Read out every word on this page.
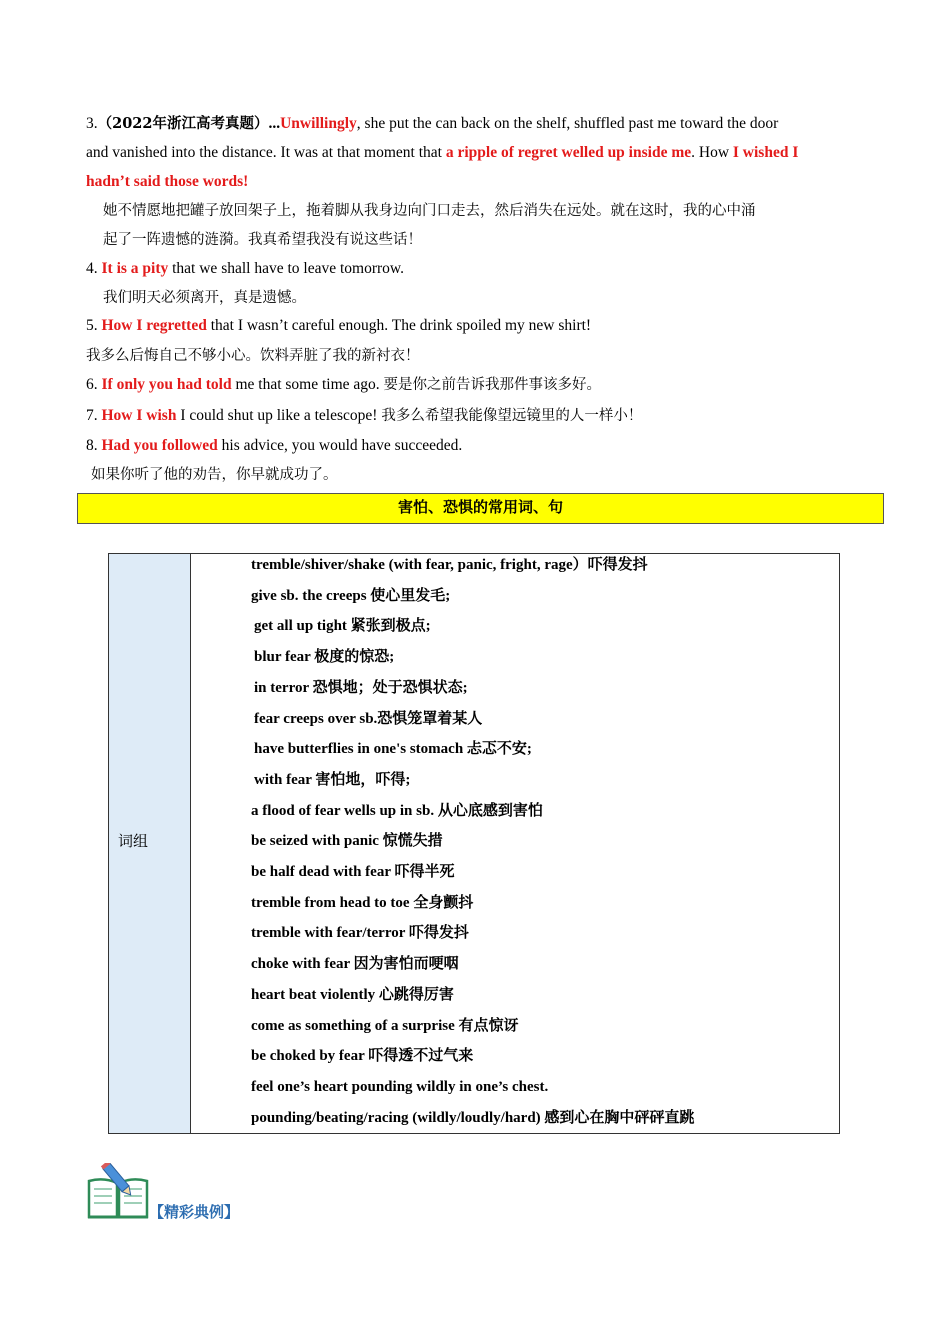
3.（2022年浙江高考真题）...Unwillingly, she put the can back on the shelf, shuffled past me toward the door
and vanished into the distance. It was at that moment that a ripple of regret welled up inside me. How I wished I
hadn’t said those words!
她不情愿地把罐子放回架子上，拖着脚从我身边向门口走去，然后消失在远处。就在这时，我的心中涌
起了一阵遗憾的涟漪。我真希望我没有说这些话！
4. It is a pity that we shall have to leave tomorrow.
我们明天必须离开，真是遗憾。
5. How I regretted that I wasn’t careful enough. The drink spoiled my new shirt!
我多么后悔自己不够小心。饮料弄脏了我的新衬衣！
6. If only you had told me that some time ago. 要是你之前告诉我那件事该多好。
7. How I wish I could shut up like a telescope! 我多么希望我能像望远镜里的人一样小！
8. Had you followed his advice, you would have succeeded.
如果你听了他的劝告，你早就成功了。
害怕、恐惧的常用词、句
词组
tremble/shiver/shake (with fear, panic, fright, rage）吓得发抖
give sb. the creeps 使心里发毛;
get all up tight 紧张到极点;
blur fear 极度的惊恐;
in terror 恐惧地；处于恐惧状态;
fear creeps over sb.恐惧笼罩着某人
have butterflies in one's stomach 忐忑不安;
with fear 害怕地，吓得;
a flood of fear wells up in sb. 从心底感到害怕
be seized with panic 惊慌失措
be half dead with fear 吓得半死
tremble from head to toe 全身颤抖
tremble with fear/terror 吓得发抖
choke with fear 因为害怕而哽咽
heart beat violently 心跳得厉害
come as something of a surprise 有点惊讶
be choked by fear 吓得透不过气来
feel one’s heart pounding wildly in one’s chest.
pounding/beating/racing (wildly/loudly/hard) 感到心在胸中砰砰直跳
【精彩典例】
